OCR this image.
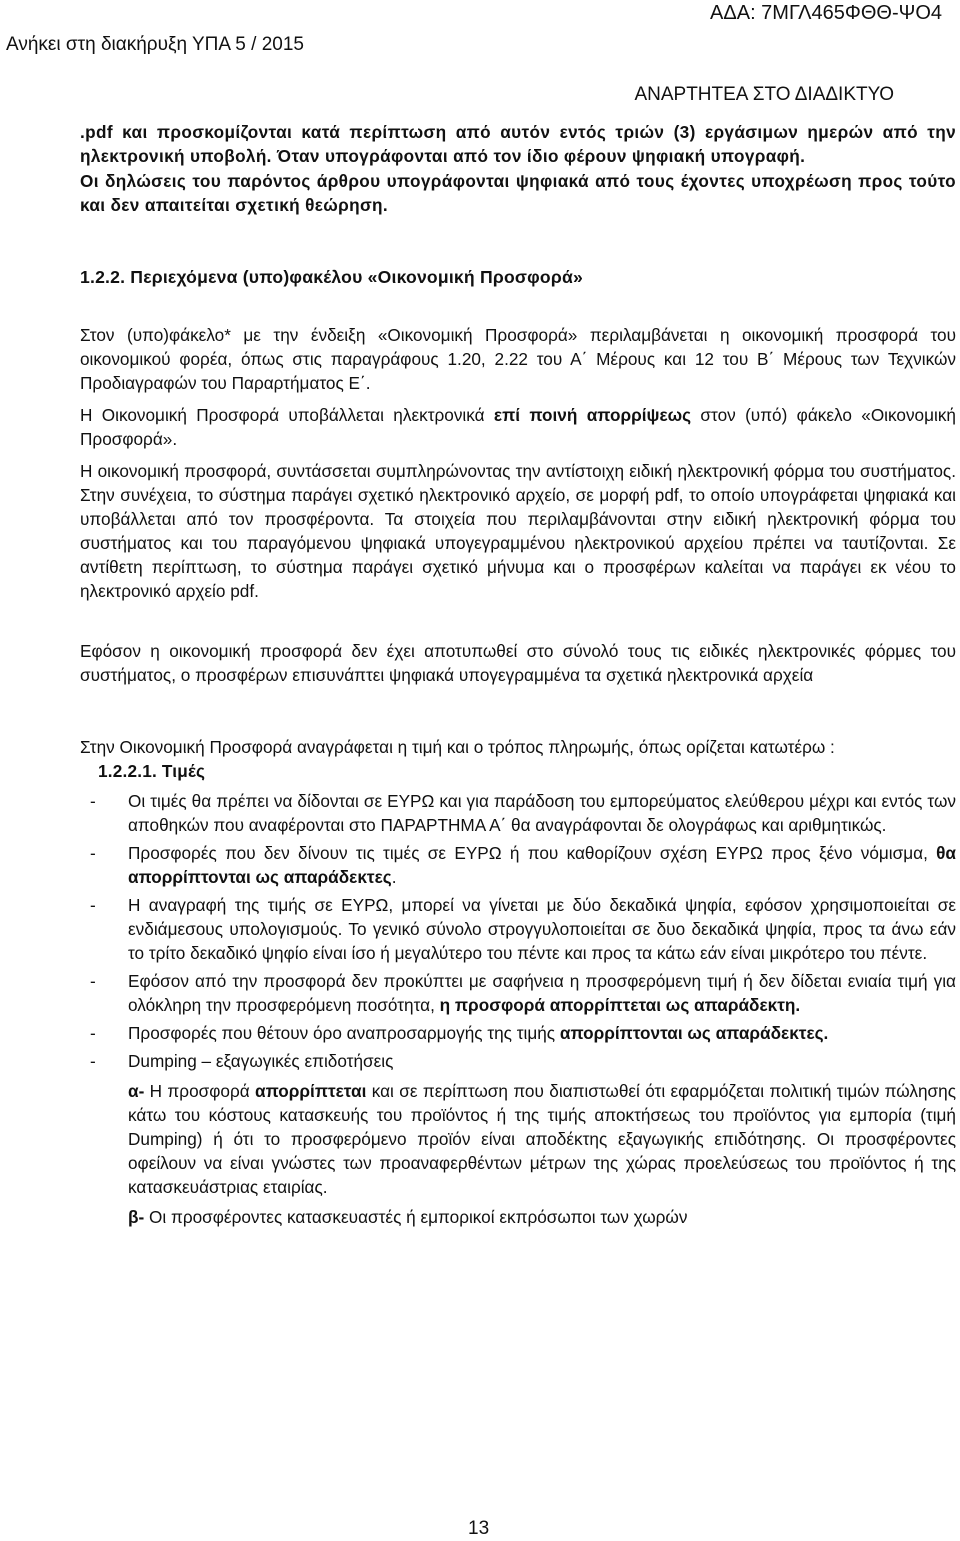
Ανήκει στη διακήρυξη ΥΠΑ 5 / 2015
ΑΔΑ: 7ΜΓΛ465ΦΘΘ-ΨΟ4
ΑΝΑΡΤΗΤΕΑ ΣΤΟ ΔΙΑΔΙΚΤΥΟ

.pdf και προσκομίζονται κατά περίπτωση από αυτόν εντός τριών (3) εργάσιμων ημερών από την ηλεκτρονική υποβολή. Όταν υπογράφονται από τον ίδιο φέρουν ψηφιακή υπογραφή.

Οι δηλώσεις του παρόντος άρθρου υπογράφονται ψηφιακά από τους έχοντες υποχρέωση προς τούτο και δεν απαιτείται σχετική θεώρηση.

1.2.2. Περιεχόμενα (υπο)φακέλου «Οικονομική Προσφορά»

Στον (υπο)φάκελο* με την ένδειξη «Οικονομική Προσφορά» περιλαμβάνεται η οικονομική προσφορά του οικονομικού φορέα, όπως στις παραγράφους 1.20, 2.22 του Α΄ Μέρους και 12 του Β΄ Μέρους των Τεχνικών Προδιαγραφών του Παραρτήματος Ε΄.

Η Οικονομική Προσφορά υποβάλλεται ηλεκτρονικά επί ποινή απορρίψεως στον (υπό) φάκελο «Οικονομική Προσφορά».

Η οικονομική προσφορά, συντάσσεται συμπληρώνοντας την αντίστοιχη ειδική ηλεκτρονική φόρμα του συστήματος. Στην συνέχεια, το σύστημα παράγει σχετικό ηλεκτρονικό αρχείο, σε μορφή pdf, το οποίο υπογράφεται ψηφιακά και υποβάλλεται από τον προσφέροντα. Τα στοιχεία που περιλαμβάνονται στην ειδική ηλεκτρονική φόρμα του συστήματος και του παραγόμενου ψηφιακά υπογεγραμμένου ηλεκτρονικού αρχείου πρέπει να ταυτίζονται. Σε αντίθετη περίπτωση, το σύστημα παράγει σχετικό μήνυμα και ο προσφέρων καλείται να παράγει εκ νέου το ηλεκτρονικό αρχείο pdf.

Εφόσον η οικονομική προσφορά δεν έχει αποτυπωθεί στο σύνολό τους τις ειδικές ηλεκτρονικές φόρμες του συστήματος, ο προσφέρων επισυνάπτει ψηφιακά υπογεγραμμένα τα σχετικά ηλεκτρονικά αρχεία

Στην Οικονομική Προσφορά αναγράφεται η τιμή και ο τρόπος πληρωμής, όπως ορίζεται κατωτέρω :

1.2.2.1. Τιμές

- Οι τιμές θα πρέπει να δίδονται σε ΕΥΡΩ και για παράδοση του εμπορεύματος ελεύθερου μέχρι και εντός των αποθηκών που αναφέρονται στο ΠΑΡΑΡΤΗΜΑ Α΄ θα αναγράφονται δε ολογράφως και αριθμητικώς.
- Προσφορές που δεν δίνουν τις τιμές σε ΕΥΡΩ ή που καθορίζουν σχέση ΕΥΡΩ προς ξένο νόμισμα, θα απορρίπτονται ως απαράδεκτες.
- Η αναγραφή της τιμής σε ΕΥΡΩ, μπορεί να γίνεται με δύο δεκαδικά ψηφία, εφόσον χρησιμοποιείται σε ενδιάμεσους υπολογισμούς. Το γενικό σύνολο στρογγυλοποιείται σε δυο δεκαδικά ψηφία, προς τα άνω εάν το τρίτο δεκαδικό ψηφίο είναι ίσο ή μεγαλύτερο του πέντε και προς τα κάτω εάν είναι μικρότερο του πέντε.
- Εφόσον από την προσφορά δεν προκύπτει με σαφήνεια η προσφερόμενη τιμή ή δεν δίδεται ενιαία τιμή για ολόκληρη την προσφερόμενη ποσότητα, η προσφορά απορρίπτεται ως απαράδεκτη.
- Προσφορές που θέτουν όρο αναπροσαρμογής της τιμής απορρίπτονται ως απαράδεκτες.
- Dumping – εξαγωγικές επιδοτήσεις

α- Η προσφορά απορρίπτεται και σε περίπτωση που διαπιστωθεί ότι εφαρμόζεται πολιτική τιμών πώλησης κάτω του κόστους κατασκευής του προϊόντος ή της τιμής αποκτήσεως του προϊόντος για εμπορία (τιμή Dumping) ή ότι το προσφερόμενο προϊόν είναι αποδέκτης εξαγωγικής επιδότησης. Οι προσφέροντες οφείλουν να είναι γνώστες των προαναφερθέντων μέτρων της χώρας προελεύσεως του προϊόντος ή της κατασκευάστριας εταιρίας.

β- Οι προσφέροντες κατασκευαστές ή εμπορικοί εκπρόσωποι των χωρών

13
